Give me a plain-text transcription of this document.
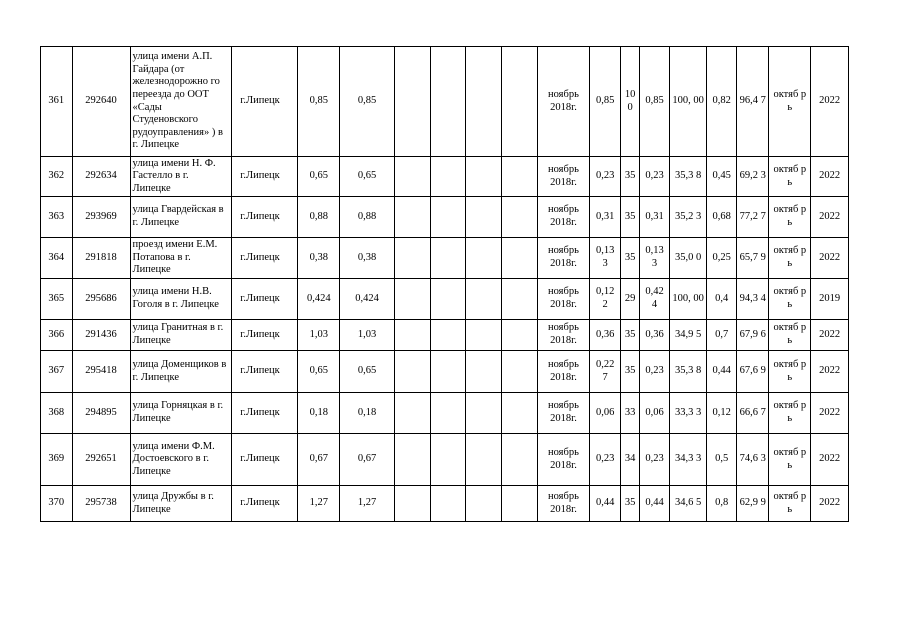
361	292640	улица имени А.П. Гайдара (от железнодорожно го переезда до ООТ «Сады Студеновского рудоуправления» ) в г. Липецке	г.Липецк	0,85	0,85					ноябрь 2018г.	0,85	10 0	0,85	100, 00	0,82	96,4 7	октяб рь	2022
362	292634	улица имени Н. Ф. Гастелло в г. Липецке	г.Липецк	0,65	0,65					ноябрь 2018г.	0,23	35	0,23	35,3 8	0,45	69,2 3	октяб рь	2022
363	293969	улица Гвардейская в г. Липецке	г.Липецк	0,88	0,88					ноябрь 2018г.	0,31	35	0,31	35,2 3	0,68	77,2 7	октяб рь	2022
364	291818	проезд имени Е.М. Потапова в г. Липецке	г.Липецк	0,38	0,38					ноябрь 2018г.	0,13 3	35	0,13 3	35,0 0	0,25	65,7 9	октяб рь	2022
365	295686	улица имени Н.В. Гоголя в г. Липецке	г.Липецк	0,424	0,424					ноябрь 2018г.	0,12 2	29	0,42 4	100, 00	0,4	94,3 4	октяб рь	2019
366	291436	улица Гранитная в г. Липецке	г.Липецк	1,03	1,03					ноябрь 2018г.	0,36	35	0,36	34,9 5	0,7	67,9 6	октяб рь	2022
367	295418	улица Доменщиков в г. Липецке	г.Липецк	0,65	0,65					ноябрь 2018г.	0,22 7	35	0,23	35,3 8	0,44	67,6 9	октяб рь	2022
368	294895	улица Горняцкая в г. Липецке	г.Липецк	0,18	0,18					ноябрь 2018г.	0,06	33	0,06	33,3 3	0,12	66,6 7	октяб рь	2022
369	292651	улица имени Ф.М. Достоевского в г. Липецке	г.Липецк	0,67	0,67					ноябрь 2018г.	0,23	34	0,23	34,3 3	0,5	74,6 3	октяб рь	2022
370	295738	улица Дружбы в г. Липецке	г.Липецк	1,27	1,27					ноябрь 2018г.	0,44	35	0,44	34,6 5	0,8	62,9 9	октяб рь	2022
